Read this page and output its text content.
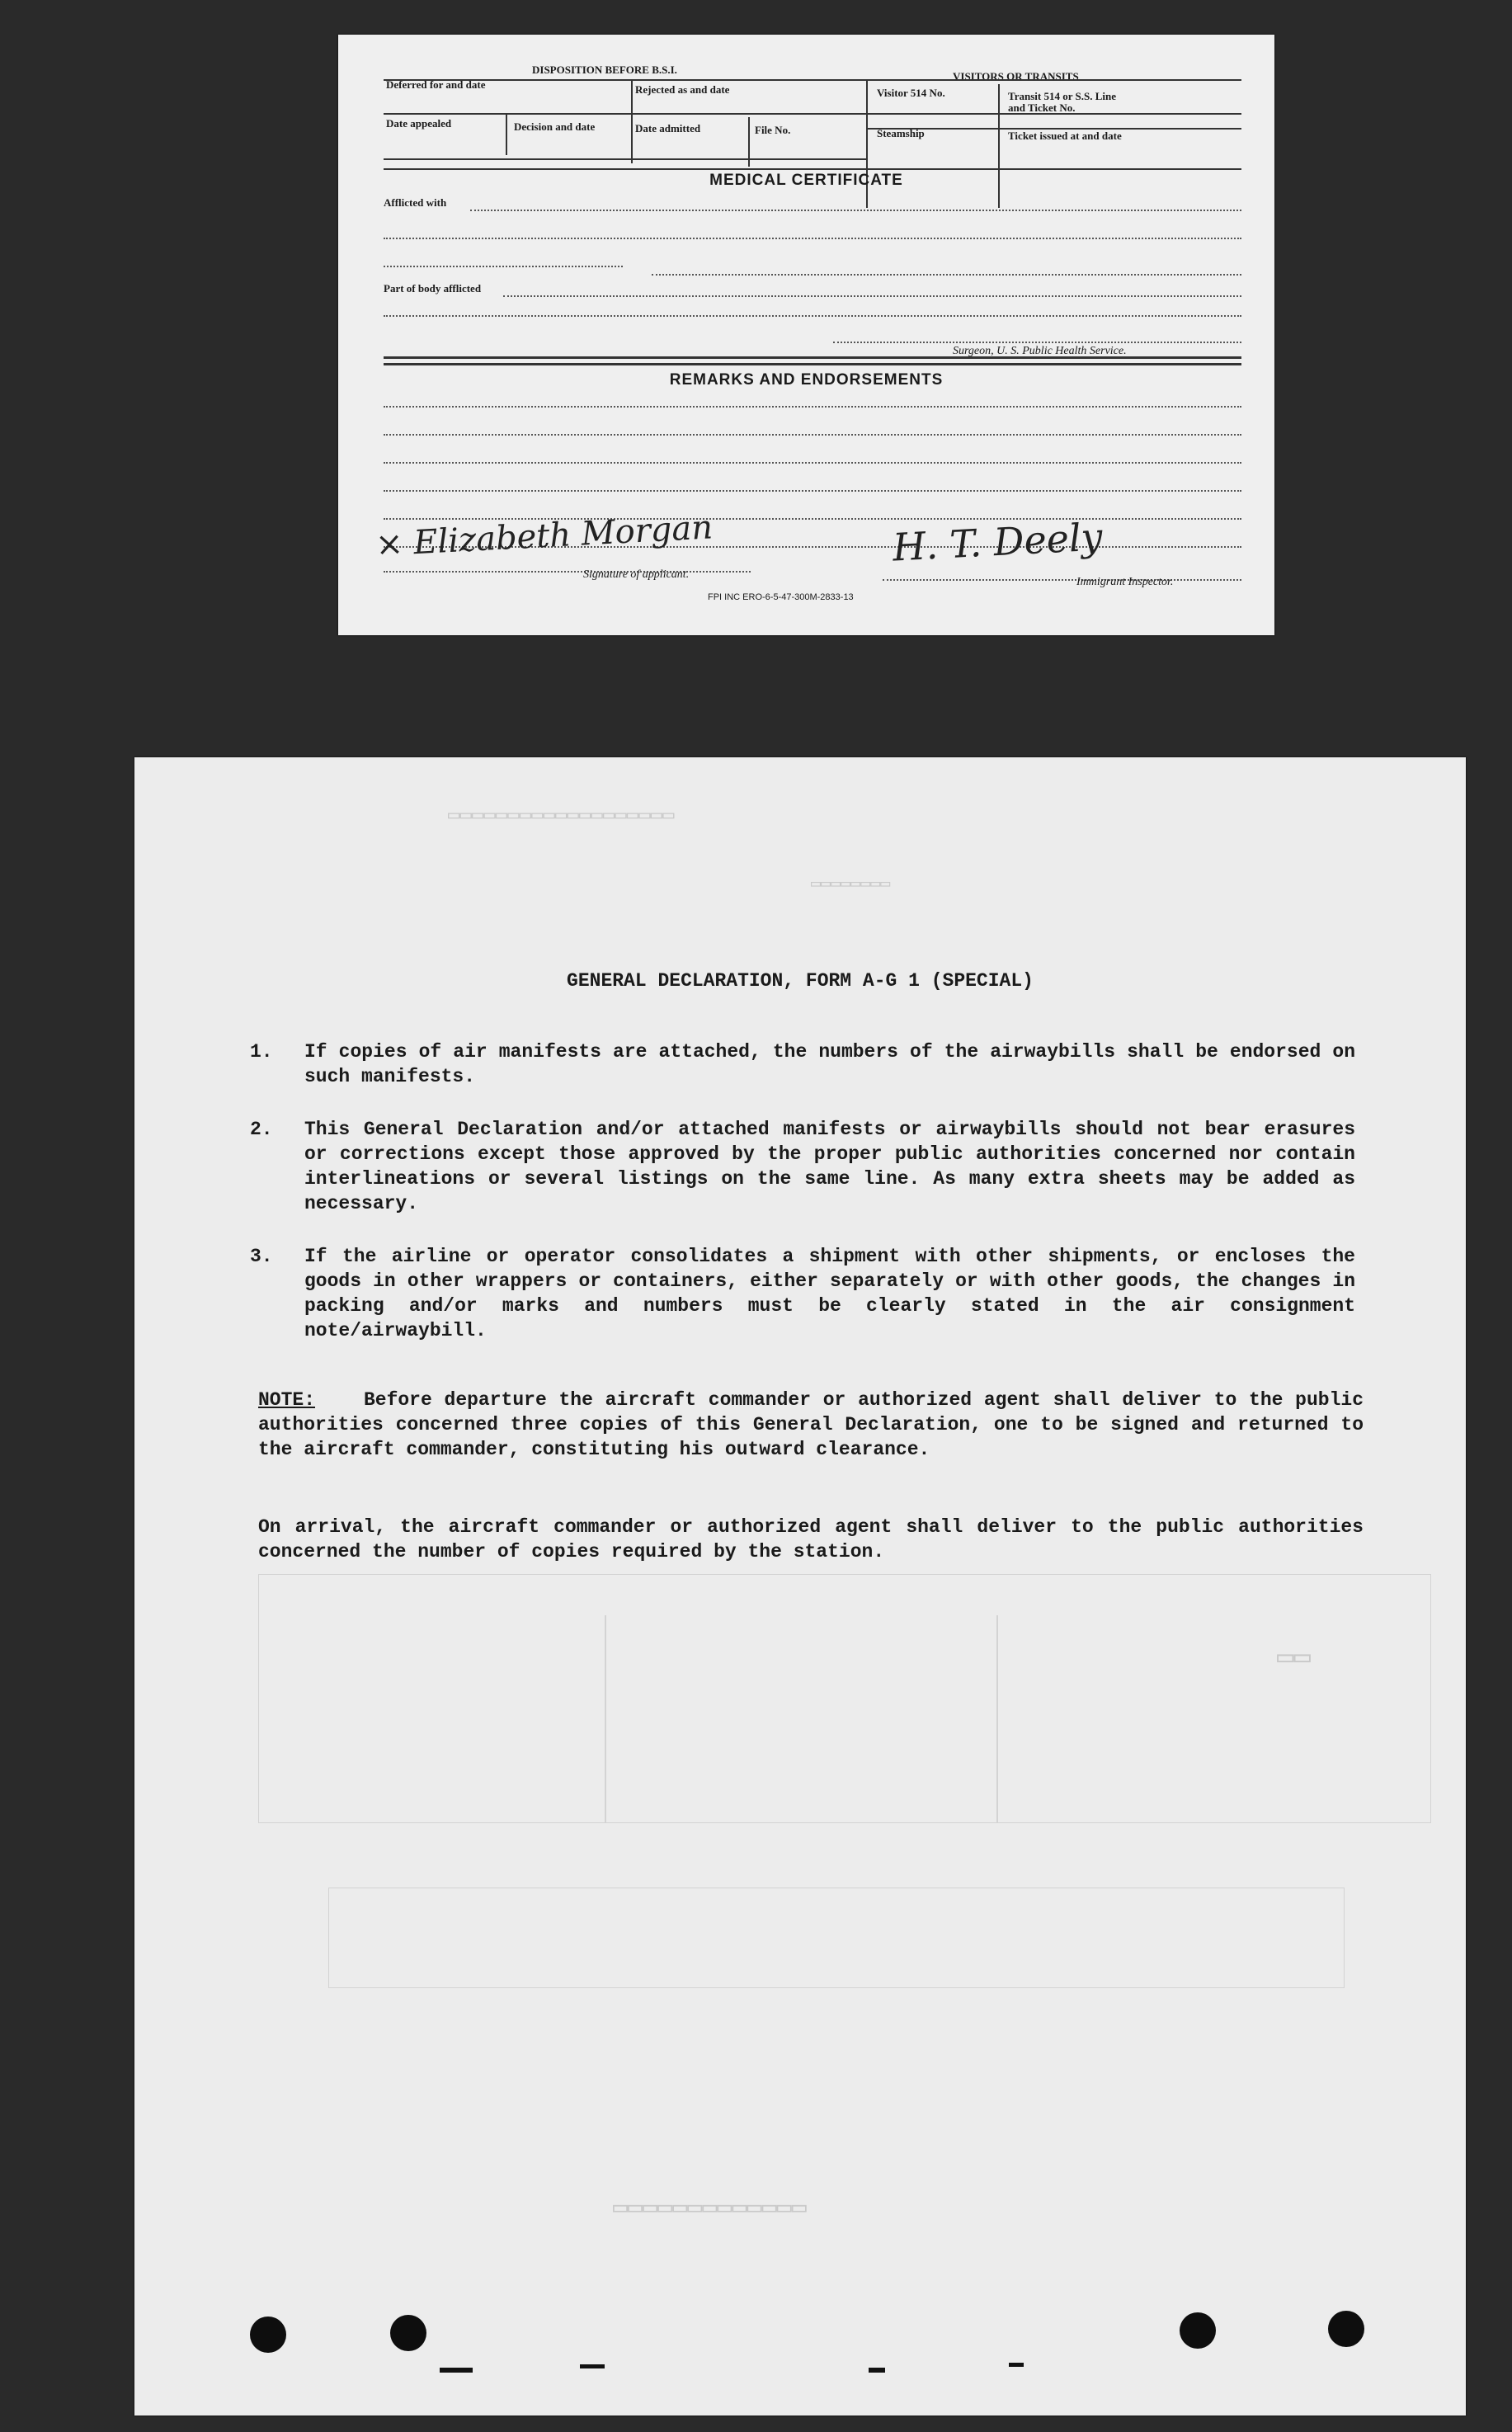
DISPOSITION BEFORE B.S.I.
VISITORS OR TRANSITS
Deferred for and date	Rejected as and date	Visitor 514 No.	Transit 514 or S.S. Line
and Ticket No.
Date appealed	Decision and date	Date admitted	File No.	Steamship	Ticket issued at and date
MEDICAL CERTIFICATE
Afflicted with
Part of body afflicted
Surgeon, U. S. Public Health Service.
REMARKS AND ENDORSEMENTS
× Elizabeth Morgan
Signature of applicant.
H. T. Deely
Immigrant Inspector.
FPI INC ERO-6-5-47-300M-2833-13
▭▭▭▭▭▭▭▭▭▭▭▭▭▭▭▭▭▭▭
▭▭▭▭▭▭▭▭
▭▭
▭▭▭▭▭▭▭▭▭▭▭▭▭
GENERAL DECLARATION, FORM A-G 1 (SPECIAL)
1. If copies of air manifests are attached, the numbers of the airwaybills shall be endorsed on such manifests.
2. This General Declaration and/or attached manifests or airwaybills should not bear erasures or corrections except those approved by the proper public authorities concerned nor contain interlineations or several listings on the same line. As many extra sheets may be added as necessary.
3. If the airline or operator consolidates a shipment with other shipments, or encloses the goods in other wrappers or containers, either separately or with other goods, the changes in packing and/or marks and numbers must be clearly stated in the air consignment note/airwaybill.
NOTE:	Before departure the aircraft commander or authorized agent shall deliver to the public authorities concerned three copies of this General Declaration, one to be signed and returned to the aircraft commander, constituting his outward clearance.
On arrival, the aircraft commander or authorized agent shall deliver to the public authorities concerned the number of copies required by the station.
